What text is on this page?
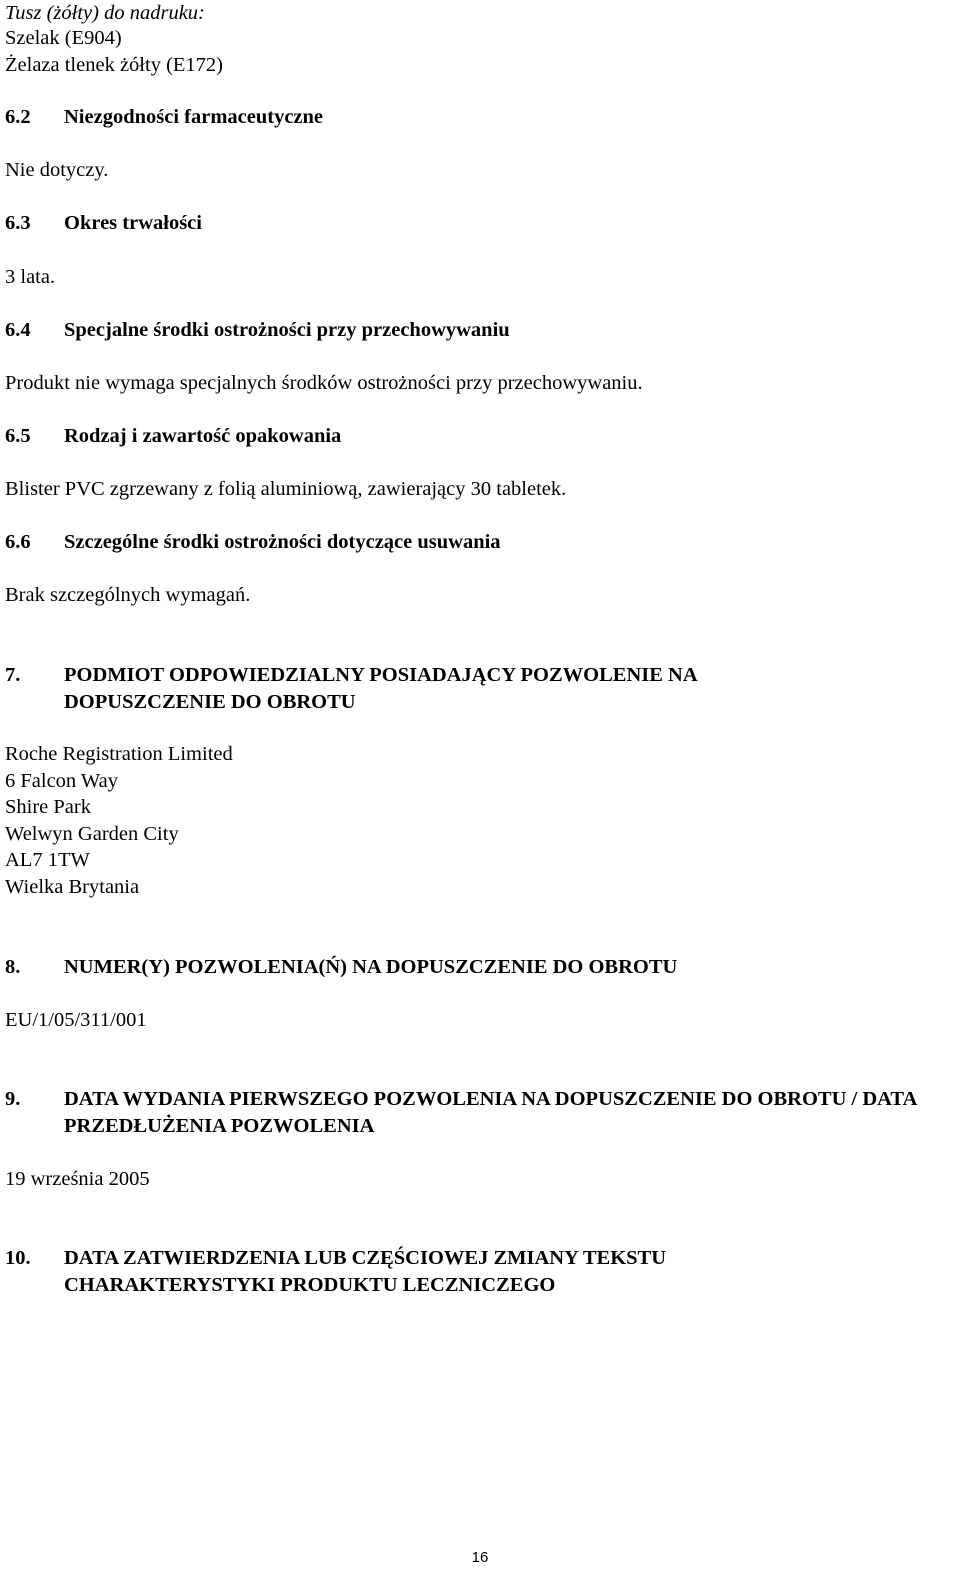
Tusz (żółty) do nadruku:
Szelak (E904)
Żelaza tlenek żółty (E172)
6.2 Niezgodności farmaceutyczne
Nie dotyczy.
6.3 Okres trwałości
3 lata.
6.4 Specjalne środki ostrożności przy przechowywaniu
Produkt nie wymaga specjalnych środków ostrożności przy przechowywaniu.
6.5 Rodzaj i zawartość opakowania
Blister PVC zgrzewany z folią aluminiową, zawierający 30 tabletek.
6.6 Szczególne środki ostrożności dotyczące usuwania
Brak szczególnych wymagań.
7. PODMIOT ODPOWIEDZIALNY POSIADAJĄCY POZWOLENIE NA DOPUSZCZENIE DO OBROTU
Roche Registration Limited
6 Falcon Way
Shire Park
Welwyn Garden City
AL7 1TW
Wielka Brytania
8. NUMER(Y) POZWOLENIA(Ń) NA DOPUSZCZENIE DO OBROTU
EU/1/05/311/001
9. DATA WYDANIA PIERWSZEGO POZWOLENIA NA DOPUSZCZENIE DO OBROTU / DATA PRZEDŁUŻENIA POZWOLENIA
19 września 2005
10. DATA ZATWIERDZENIA LUB CZĘŚCIOWEJ ZMIANY TEKSTU CHARAKTERYSTYKI PRODUKTU LECZNICZEGO
16
